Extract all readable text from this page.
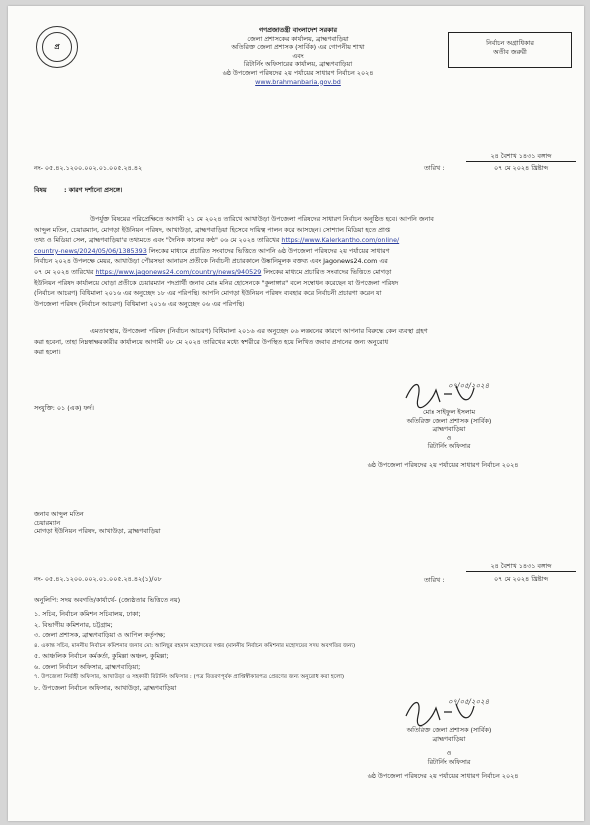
প্র	নির্বাচন অগ্রাধিকার
অতীব জরুরী
গণপ্রজাতন্ত্রী বাংলাদেশ সরকার
জেলা প্রশাসকের কার্যালয়, ব্রাহ্মণবাড়িয়া
অতিরিক্ত জেলা প্রশাসক (সার্বিক) এর গোপনীয় শাখা
এবং
রিটার্নিং অফিসারের কার্যালয়, ব্রাহ্মণবাড়িয়া
৬ষ্ঠ উপজেলা পরিষদের ২য় পর্যায়ের সাধারণ নির্বাচন ২০২৪
www.brahmanbaria.gov.bd
নং- ০৫.৪২.১২০০.০০২.০১.০০৫.২৪.৪২	তারিখ :
২৪ বৈশাখ ১৪৩১ বঙ্গাব্দ
০৭ মে ২০২৪ খ্রিষ্টাব্দ
বিষয়	: কারণ দর্শানো প্রসঙ্গে।
উপর্যুক্ত বিষয়ের পরিপ্রেক্ষিতে আগামী ২১ মে ২০২৪ তারিখে আখাউড়া উপজেলা পরিষদের সাধারণ নির্বাচন অনুষ্ঠিত হবে। আপনি জনাব
আব্দুল মতিন, চেয়ারম্যান, মোগড়া ইউনিয়ন পরিষদ, আখাউড়া, ব্রাহ্মণবাড়িয়া হিসেবে দায়িত্ব পালন করে আসছেন। সোশ্যাল মিডিয়া হতে প্রাপ্ত
তথ্য ও মিডিয়া সেল, ব্রাহ্মণবাড়িয়া'র তথ্যমতে এবং "দৈনিক কালের কণ্ঠ" ০৬ মে ২০২৪ তারিখের https://www.Kalerkantho.com/online/
country-news/2024/05/06/1385393 লিংকের মাধ্যমে প্রচারিত সংবাদের ভিত্তিতে আপনি ৬ষ্ঠ উপজেলা পরিষদের ২য় পর্যায়ের সাধারণ
নির্বাচন ২০২৪ উপলক্ষে মেয়র, আখাউড়া পৌরসভা আনারস প্রতীকে নির্বাচনী প্রচারকালে উষ্কানিমূলক বক্তব্য এবং Jagonews24.com এর
০৭ মে ২০২৪ তারিখের https://www.jagonews24.com/country/news/940529 লিংকের মাধ্যমে প্রচারিত সংবাদের ভিত্তিতে মোগড়া
ইউনিয়ন পরিষদ কার্যালয়ে ঘোড়া প্রতীকে চেয়ারম্যান পদপ্রার্থী জনাব মোঃ মনির হোসেনকে "কুলাঙ্গার" বলে সম্বোধন করেছেন যা উপজেলা পরিষদ
(নির্বাচন আচরণ) বিধিমালা ২০১৬ এর অনুচ্ছেদ ১৮ এর পরিপন্থি। আপনি মোগড়া ইউনিয়ন পরিষদ ব্যবহার করে নির্বাচনী প্রচারণা করেন যা
উপজেলা পরিষদ (নির্বাচন আচরণ) বিধিমালা ২০১৬ এর অনুচ্ছেদ ০৬ এর পরিপন্থি।
এমতাবস্থায়, উপজেলা পরিষদ (নির্বাচন আচরণ) বিধিমালা ২০১৬ এর অনুচ্ছেদ ০৬ লঙ্ঘনের কারণে আপনার বিরুদ্ধে কেন ব্যবস্থা গ্রহণ
করা হবেনা, তাহা নিম্নস্বাক্ষরকারীর কার্যালয়ে আগামী ০৮ মে ২০২৪ তারিখের মধ্যে স্বশরীরে উপস্থিত হয়ে লিখিত জবাব প্রদানের জন্য অনুরোধ
করা হলো।
সংযুক্তি: ০১ (এক) ফর্দ।
০৭/০৫/২০২৪
মোঃ সাইফুল ইসলাম
অতিরিক্ত জেলা প্রশাসক (সার্বিক)
ব্রাহ্মণবাড়িয়া
ও
রিটার্নিং অফিসার
৬ষ্ঠ উপজেলা পরিষদের ২য় পর্যায়ের সাধারণ নির্বাচন ২০২৪
জনাব আব্দুল মতিন
চেয়ারম্যান
মোগড়া ইউনিয়ন পরিষদ, আখাউড়া, ব্রাহ্মণবাড়িয়া
নং- ০৫.৪২.১২০০.০০২.০১.০০৫.২৪.৪২(১)/০৮	তারিখ :
২৪ বৈশাখ ১৪৩১ বঙ্গাব্দ
০৭ মে ২০২৪ খ্রিষ্টাব্দ
অনুলিপি: সদয় অবগতি/কার্যার্থে- (জ্যেষ্ঠতার ভিত্তিতে নয়)
১. সচিব, নির্বাচন কমিশন সচিবালয়, ঢাকা;
২. বিভাগীয় কমিশনার, চট্টগ্রাম;
৩. জেলা প্রশাসক, ব্রাহ্মণবাড়িয়া ও আপিল কর্তৃপক্ষ;
৪. একান্ত সচিব, মাননীয় নির্বাচন কমিশনার জনাব মো: আনিছুর রহমান মহোদয়ের দপ্তর (মাননীয় নির্বাচন কমিশনার মহোদয়ের সদয় অবগতির জন্য)
৫. আঞ্চলিক নির্বাচন কর্মকর্তা, কুমিল্লা অঞ্চল, কুমিল্লা;
৬. জেলা নির্বাচন অফিসার, ব্রাহ্মণবাড়িয়া;
৭. উপজেলা নির্বাহী অফিসার, আখাউড়া ও সহকারী রিটার্নিং অফিসার : (পত্র বিতরণপূর্বক প্রাপ্তিস্বীকারপত্র প্রেরণের জন্য অনুরোধ করা হলো)
৮. উপজেলা নির্বাচন অফিসার, আখাউড়া, ব্রাহ্মণবাড়িয়া
০৭/০৫/২০২৪
অতিরিক্ত জেলা প্রশাসক (সার্বিক)
ব্রাহ্মণবাড়িয়া
ও
রিটার্নিং অফিসার
৬ষ্ঠ উপজেলা পরিষদের ২য় পর্যায়ের সাধারণ নির্বাচন ২০২৪
